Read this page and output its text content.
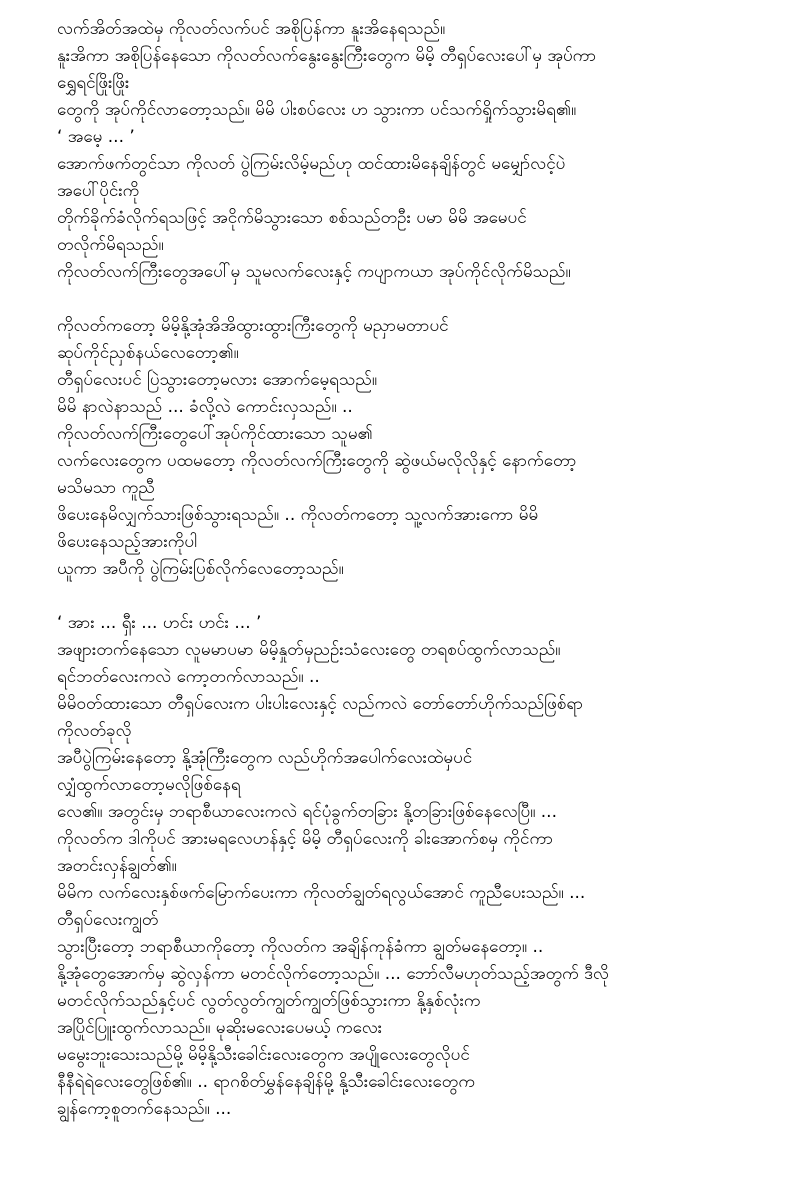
လက်အိတ်အထဲမှ ကိုလတ်လက်ပင် အစိုပြန်ကာ နူးအိနေရသည်။
နူးအိကာ အစိုပြန်နေသော ကိုလတ်လက်နွေးနွေးကြီးတွေက မိမိ့ တီရှပ်လေးပေါ်မှ အုပ်ကာ
ရွှေရင်ဖြိုးဖြိုး
တွေကို အုပ်ကိုင်လာတော့သည်။ မိမိ ပါးစပ်လေး ဟ သွားကာ ပင်သက်ရှိုက်သွားမိရ၏။
‘ အမေ့ ... ’
အောက်ဖက်တွင်သာ ကိုလတ် ပွဲကြမ်းလိမ့်မည်ဟု ထင်ထားမိနေချိန်တွင် မမျှော်လင့်ပဲ
အပေါ်ပိုင်းကို
တိုက်ခိုက်ခံလိုက်ရသဖြင့် အငိုက်မိသွားသော စစ်သည်တဦး ပမာ မိမိ အမေပင်
တလိုက်မိရသည်။
ကိုလတ်လက်ကြီးတွေအပေါ်မှ သူမလက်လေးနှင့် ကပျာကယာ အုပ်ကိုင်လိုက်မိသည်။

ကိုလတ်ကတော့ မိမိ့နို့အုံအိအိထွားထွားကြီးတွေကို မညှာမတာပင်
ဆုပ်ကိုင်ညှစ်နယ်လေတော့၏။
တီရှပ်လေးပင် ပြဲသွားတော့မလား အောက်မေ့ရသည်။
မိမိ နာလဲနာသည် ... ခံလို့လဲ ကောင်းလှသည်။ ..
ကိုလတ်လက်ကြီးတွေပေါ်အုပ်ကိုင်ထားသော သူမ၏
လက်လေးတွေက ပထမတော့ ကိုလတ်လက်ကြီးတွေကို ဆွဲဖယ်မလိုလိုနှင့် နောက်တော့
မသိမသာ ကူညီ
ဖိပေးနေမိလျှက်သားဖြစ်သွားရသည်။ .. ကိုလတ်ကတော့ သူ့လက်အားကော မိမိ
ဖိပေးနေသည့်အားကိုပါ
ယူကာ အပီကို ပွဲကြမ်းပြစ်လိုက်လေတော့သည်။

‘ အား ... ရှီး ... ဟင်း ဟင်း ... ’
အဖျားတက်နေသော လူမမာပမာ မိမိ့နှုတ်မှညဉ်းသံလေးတွေ တရစပ်ထွက်လာသည်။
ရင်ဘတ်လေးကလဲ ကော့တက်လာသည်။ ..
မိမိဝတ်ထားသော တီရှပ်လေးက ပါးပါးလေးနှင့် လည်ကလဲ တော်တော်ဟိုက်သည်ဖြစ်ရာ
ကိုလတ်ခုလို
အပီပွဲကြမ်းနေတော့ နို့အုံကြီးတွေက လည်ဟိုက်အပေါက်လေးထဲမှပင်
လျှံထွက်လာတော့မလိုဖြစ်နေရ
လေ၏။ အတွင်းမှ ဘရာစီယာလေးကလဲ ရင်ပုံခွက်တခြား နို့တခြားဖြစ်နေလေပြီ။ ...
ကိုလတ်က ဒါကိုပင် အားမရလေဟန်နှင့် မိမိ့ တီရှပ်လေးကို ခါးအောက်စမှ ကိုင်ကာ
အတင်းလှန်ချွတ်၏။
မိမိက လက်လေးနှစ်ဖက်မြောက်ပေးကာ ကိုလတ်ချွတ်ရလွယ်အောင် ကူညီပေးသည်။ ...
တီရှပ်လေးကျွတ်
သွားပြီးတော့ ဘရာစီယာကိုတော့ ကိုလတ်က အချိန်ကုန်ခံကာ ချွတ်မနေတော့။ ..
နို့အုံတွေအောက်မှ ဆွဲလှန်ကာ မတင်လိုက်တော့သည်။ ... ဘော်လီမဟုတ်သည့်အတွက် ဒီလို
မတင်လိုက်သည်နှင့်ပင် လွတ်လွတ်ကျွတ်ကျွတ်ဖြစ်သွားကာ နို့နှစ်လုံးက
အပြိုင်ပြူးထွက်လာသည်။ မုဆိုးမလေးပေမယ့် ကလေး
မမွေးဘူးသေးသည်မို့ မိမိ့နို့သီးခေါင်းလေးတွေက အပျိုလေးတွေလိုပင်
နီနီရဲရဲလေးတွေဖြစ်၏။ .. ရာဂစိတ်မွှန်နေချိန်မို့ နို့သီးခေါင်းလေးတွေက
ချွန်ကော့စူတက်နေသည်။ ...
